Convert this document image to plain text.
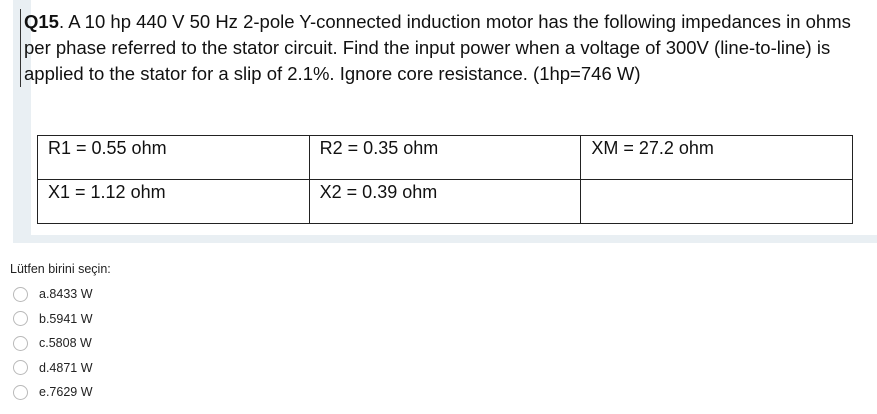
Q15. A 10 hp 440 V 50 Hz 2-pole Y-connected induction motor has the following impedances in ohms per phase referred to the stator circuit. Find the input power when a voltage of 300V (line-to-line) is applied to the stator for a slip of 2.1%. Ignore core resistance. (1hp=746 W)
R1 = 0.55 ohm	R2 = 0.35 ohm	XM = 27.2 ohm
X1 = 1.12 ohm	X2 = 0.39 ohm	
Lütfen birini seçin:
a.8433 W
b.5941 W
c.5808 W
d.4871 W
e.7629 W
